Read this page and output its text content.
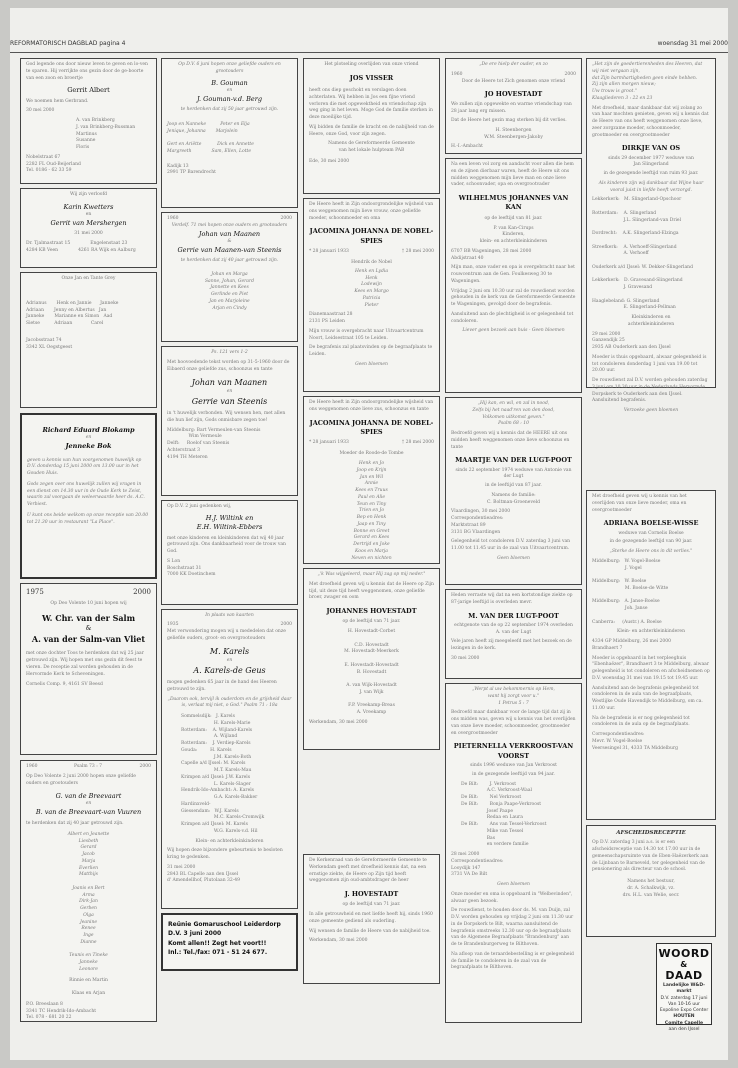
REFORMATORISCH DAGBLAD pagina 4	woensdag 31 mei 2000
God legende ons door nieuw leven te geven en lo-ven te sparen. Hij verrijkte ons gezin door de ge-boorte van een zoon en broertje
Gerrit Albert
We noemen hem Gerbrand.
30 mei 2000
A. van Brinkberg
J. van Brinkberg-Bussman
Martinus
Susanne
Floris
Nobelstraat 67
2282 FL Oud-Beijerland
Tel. 0186 - 62 33 59
Wij zijn verloofd
Karin Kwetters
en
Gerrit van Mershergen
31 mei 2000
Dr. Tjalmastraat 15              Engelenstaat 23
4284 KB Veen              4261 RA Wijk en Aalburg
Onze Jan en Tante Grey
Adrianus       Henk en Jannie      Janneke
Adriaan       Jenny en Albertus   Jan
Janneke       Marianne en Simon   Aad
Sietse          Adriaan             Carel
Jacobsstraat 74
3342 XL Oegstgeest
Richard Eduard Blokamp
en
Jenneke Bok
geven u kennis van hun voorgenomen huwelijk op D.V. donderdag 15 juni 2000 om 13.00 uur in het Gouden Huis.
Gods zegen over ons huwelijk zullen wij vragen in een dienst om 14.30 uur in de Oude Kerk te Zeist, waarin zal voorgaan de weleerwaarde heer ds. A.C. Verbiest.
U kunt ons beide welkom op onze receptie van 20.00 tot 21.30 uur in restaurant "La Place".
1975	2000
Op Deo Volente 10 juni hopen wij
W. Chr. van der Salm
&
A. van der Salm-van Vliet
met onze dochter Toos te herdenken dat wij 25 jaar getrouwd zijn. Wij hopen met ons gezin dit feest te vieren. De receptie zal worden gehouden in de Hervormde Kerk te Scheveningen.
Cornelis Comp. 9, 4161 SV Beesd
1960	Psalm 73 : 7	2000
Op Deo Volente 2 juni 2000 hopen onze geliefde ouders en grootouders
G. van de Breevaart
en
B. van de Breevaart-van Vuuren
te herdenken dat zij 40 jaar getrouwd zijn.
Albert en Jeanette
Liesbeth
Gerard
Jacob
Marja
Everlien
Matthijs

Joanis en Bert
Arma
Dirk-Jan
Gerben
Olga
Jeanine
Renee
Inge
Dianne

Teunis en Tineke
Janneke
Leonore
Rinnie en Martin

Klaas en Arjan
P.O. Breeslaan 8
3341 TC Hendrik-Ido-Ambacht
Tel. 078 - 681 20 22
Op D.V. 6 juni hopen onze geliefde ouders en grootouders
B. Gouman
en
J. Gouman-v.d. Berg
te herdenken dat zij 50 jaar getrouwd zijn.
Joop en Nanneke          Peter en Elja
Jenique, Johanna       Marjolein

Gert en Ariëtte           Dick en Annette
Margreeth              Sam, Ellen, Lotte
Kadijk 13
2991 TP Barendrecht
1960	2000
Verdelf. 71 mei hopen onze ouders en grootouders
Johan van Maanen
&
Gerrie van Maanen-van Steenis
te herdenken dat zij 40 jaar getrouwd zijn.

Johan en Marga
Sanne, Johan, Gerard
Jannette en Kees
Gerlinde en Piet
Jan en Marjoleine
Arjan en Cindy
Ps. 121 vers 1-2
Met hoovoedende tekst worden op 31-5-1960 door de Eibaerd onze geliefde zus, schoonzus en tante
Johan van Maanen
en
Gerrie van Steenis
in 't huwelijk verbonden. Wij wensen hen, met allen die hun lief zijn, Gods onmisbare zegen toe!
Middelburg: Bart Vermeulen-van Steenis
Wim Vermeule
Delft:     Roelof van Steenis
Achterstraat 3
4194 TH Meteren
Op D.V. 2 juni gedenken wij,
H.J. Wiltink en
E.H. Wiltink-Ebbers
met onze kinderen en kleinkinderen dat wij 40 jaar getrouwd zijn. Ons dankbaarheid voor de trouw van God.
S Lon
Boschstraat 31
7000 KK Doetinchem
In plaats van kaarten
1935	2000
Met verwondering mogen wij u mededelen dat onze geliefde ouders, groot- en overgrootouders
M. Karels
en
A. Karels-de Geus
mogen gedenken 65 jaar in de hand des Heeren getrouwd te zijn.
„Daarom ook, tervijl ik ouderdom en de grijsheid daar is, verlaat mij niet, o God." Psalm 71 : 18a
Sommelsdijk:   J. Karels
H. Karels-Marie
Rotterdam:    A. Wijland-Karels
A. Wijland
Rotterdam:    J. Verdiep-Karels
Gouda:         H. Karels
J.M. Karels-Both
Capelle a/d IJssel: M. Karels
M.T. Karels-Mau
Krimpen a/d IJssel: J.W. Karels
L. Karels-Slager
Hendrik-Ido-Ambacht: A. Karels
G.A. Karels-Bakker
Hardinxveld-
Giessendam:   W.J. Karels
M.C. Karels-Cromwijk
Krimpen a/d IJssel: M. Karels
W.G. Karels-v.d. Hil
Klein- en achterkleinkinderen
Wij hopen deze bijzondere gebeurtenis te besloten kring te gedenken.
31 mei 2000
2843 BL Capelle aan den IJssel
d' Amendellhof, Plutolaan 32-49
Reünie Gomaruschool Leiderdorp
D.V. 3 juni 2000
Komt allen!! Zegt het voort!!
Inl.: Tel./fax: 071 - 51 24 677.
Het plotseling overlijden van onze vriend
JOS VISSER
heeft ons diep geschokt en verslagen doen achterlaten. Wij hebben in Jos een fijne vriend verloren die met opgewektheid en vriendschap zijn weg ging in het leven. Moge God de familie sterken in deze moeilijke tijd.
Wij bidden de familie de kracht en de nabijheid van de Heere, onze God, voor zijn zegen.
Namens de Gereformeerde Gemeente
van het lokale hulpteam PAB
Ede, 30 mei 2000
De Heere heeft in Zijn ondoorgrondelijke wijsheid van ons weggenomen mijn lieve vrouw, onze geliefde moeder, schoonmoeder en oma
JACOMINA JOHANNA DE NOBEL-SPIES
* 28 januari 1933	† 28 mei 2000
Hendrik de Nobel
Henk en Lydia
Henk
Lodewijn
Kees en Margo
Patricia
Pieter
Dianemaastraat 28
2131 PS Leiden
Mijn vrouw is overgebracht naar Uitvaartcentrum Noort, Leidsestraat 105 te Leiden.
De begrafenis zal plaatsvinden op de begraafplaats te Leiden.
Geen bloemen
De Heere heeft in Zijn ondoorgrondelijke wijsheid van ons weggenomen onze lieve zus, schoonzus en tante
JACOMINA JOHANNA DE NOBEL-SPIES
* 28 januari 1933	† 28 mei 2000
Moeder de Roode-de Tombe
Henk en Jo
Joop en Krijn
Jan en Wil
Annie
Kees en Truus
Paul en Alie
Teun en Tiny
Trien en Jo
Bep en Henk
Jaap en Tiny
Bonne en Greet
Gerard en Kees
Dertrijd en Joke
Koos en Marja
Neven en nichten
„'k Was wijgeleerd, maar Hij zag op mij neder."
Met droefheid geven wij u kennis dat de Heere op Zijn tijd, uit deze tijd heeft weggenomen, onze geliefde broer, zwager en oom
JOHANNES HOVESTADT
op de leeftijd van 71 jaar.
H. Hovestadt-Corbet

C.D. Hovestadt
M. Hovestadt-Meerkerk

E. Hovestadt-Hovestadt
B. Hovestadt

A. van Wijk-Hovestadt
J. van Wijk

F.P. Vreekamp-Breas
A. Vreekamp
Werkendam, 30 mei 2000
De Kerkenraad van de Gereformeerde Gemeente te Werkendam geeft met droefheid kennis dat, na een ernstige ziekte, de Heere op Zijn tijd heeft weggenomen zijn oud-ambtsdrager de heer
J. HOVESTADT
op de leeftijd van 71 jaar.
In alle getrouwheid en met liefde heeft hij, sinds 1960 onze gemeente gediend als ouderling.
Wij wensen de familie de Heere van de nabijheid toe.
Werkendam, 30 mei 2000
„De ere hielp der ouder, en zo
1960	2000
Door de Heere tot Zich genomen onze vriend
JO HOVESTADT
We zullen zijn opgewekte en warme vriendschap van 28 jaar lang erg missen.
Dat de Heere het gezin mag sterken bij dit verlies.
H. Steenbergen
W.M. Steenbergen-Jakoby
H.-I.-Ambacht
Na een leven vol zorg en aandacht voor allen die hem en de zijnen dierbaar waren, heeft de Heere uit ons midden weggenomen mijn lieve man en onze lieve vader, schoonvader, opa en overgrootvader
WILHELMUS JOHANNES VAN KAN
op de leeftijd van 81 jaar.
P. van Kan-Cirups
Kinderen,
klein- en achterkleinkinderen
6707 BB Wageningen, 28 mei 2000
Abdijstraat 40
Mijn man, onze vader en opa is overgebracht naar het rouwcentrum aan de Gen. Foulkesweg 30 te Wageningen.
Vrijdag 2 juni om 10.30 uur zal de rouwdienst worden gehouden in de kerk van de Gereformeerde Gemeente te Wageningen, gevolgd door de begrafenis.
Aansluitend aan de plechtigheid is er gelegenheid tot condoleren.
Liever geen bezoek aan huis - Geen bloemen
„Hij kan, en wil, en zal in nood,
Zelfs bij het naad'ren van den dood,
Volkomen uitkomst geven."
Psalm 68 : 10
Bedroefd geven wij u kennis dat de HEERE uit ons midden heeft weggenomen onze lieve schoonzus en tante
MAARTJE VAN DER LUGT-POOT
sinds 22 september 1974 weduwe van Antonie van der Lugt
in de leeftijd van 87 jaar.
Namens de familie:
C. Boltman-Groeneveld
Vlaardingen, 30 mei 2000
Correspondentieadres:
Marktstraat 89
3131 BG Vlaardingen
Gelegenheid tot condoleren D.V. zaterdag 3 juni van 11.00 tot 11.45 uur in de zaal van Uitvaartcentrum.
Geen bloemen
Heden verraste wij dat na een kortstondige ziekte op 87-jarige leeftijd is overleden mevr.
M. VAN DER LUGT-POOT
echtgenote van de op 22 september 1974 overleden
A. van der Lugt
Vele jaren heeft zij meegeleefd met het bezoek en de lezingen in de kerk.
30 mei 2000
„Werpt al uw bekommernis op Hem,
want hij zorgt voor u."
1 Petrus 5 : 7
Bedroefd maar dankbaar voor de lange tijd dat zij in ons midden was, geven wij u kennis van het overlijden van onze lieve moeder, schoonmoeder, grootmoeder en overgrootmoeder
PIETERNELLA VERKROOST-VAN VOORST
sinds 1996 weduwe van Jan Verkroost
in de gezegende leeftijd van 94 jaar.
De Bilt:        J. Verkroost
A.C. Verkroost-Waal
De Bilt:        Nel Verkroost
De Bilt:        Bonja Paape-Verkroost
Josef Paape
Redaa en Laura
De Bilt:        Ans van Tessel-Verkroost
Mike van Tessel
Bas
en verdere familie
28 mei 2000
Correspondentieadres:
Looydijk 147
3731 VA De Bilt
Geen bloemen
Onze moeder en oma is opgebaard in "Welbevinden", alwaar geen bezoek.
De rouwdienst, te houden door ds. M. van Duijn, zal D.V. worden gehouden op vrijdag 2 juni om 11.30 uur in de Dorpskerk te Bilt, waarna aansluitend de begrafenis omstreeks 12.30 uur op de begraafplaats van de Algemene Begraafplaats "Brandenburg" aan de te Brandenburgerweg te Bilthoven.
Na afloop van de teraardebestelling is er gelegenheid de familie te condoleren in de zaal van de begraafplaats te Bilthoven.
„Het zijn de goedertierenheden des Heeren, dat wij niet vergaan zijn,
dat Zijn barmhartigheden geen einde hebben.
Zij zijn allen morgen nieuw;
Uw trouw is groot."
Klaagliederen 3 : 22 en 23
Met droefheid, maar dankbaar dat wij zolang zo van haar mochten genieten, geven wij u kennis dat de Heere van ons heeft weggenomen onze lieve, zeer zorgzame moeder, schoonmoeder, grootmoeder en overgrootmoeder
DIRKJE VAN OS
sinds 29 december 1977 weduwe van
Jan Slingerland
in de gezegende leeftijd van ruim 93 jaar.
Als kinderen zijn wij dankbaar dat Wijne haar vooral juist in liefde heeft verzorgd.
Lekkerkerk:   M. Slingerland-Opschoor

Rotterdam:    A. Slingerland
J.L. Slingerland-van Driel

Dordrecht:    A.K. Slingerland-Elzinga

Streefkerk:    A. Verhoeff-Slingerland
A. Verhoeff

Ouderkerk a/d IJssel: W. Dekker-Slingerland

Lekkerkerk:   D. Gravesand-Slingerland
J. Gravesand

Haaglebeland: G. Slingerland
E. Slingerland-Pellman
Kleinkinderen en
achterkleinkinderen
29 mei 2000
Ganzendijk 25
2935 AB Ouderkerk aan den IJssel
Moeder is thuis opgebaard, alwaar gelegenheid is tot condoleren donderdag 1 juni van 19.00 tot 20.00 uur.
De rouwdienst zal D.V. worden gehouden zaterdag 3 juni om 10.30 uur in de Nederlands Hervormde Dorpskerk te Ouderkerk aan den IJssel. Aansluitend begrafenis.
Verzoeke geen bloemen
Met droefheid geven wij u kennis van het overlijden van onze lieve moeder, oma en overgrootmoeder
ADRIANA BOELSE-WISSE
weduwe van Cornelis Boelse
in de gezegende leeftijd van 90 jaar.
„Sterke de Heere ons in dit verlies."
Middelburg:   W. Vogel-Boelse
J. Vogel

Middelburg:   W. Boelse
M. Boelse-de Witte

Middelburg:   A. Janse-Boelse
Joh. Janse

Canberra:     (Austr.) A. Boelse
Klein- en achterkleinkinderen
4334 GP Middelburg, 26 mei 2000
Brandhaert 7
Moeder is opgebaard in het verpleeghuis "Ebenhaëzer", Brandhaert 3 te Middelburg, alwaar gelegenheid is tot condoleren en afscheidnemen op D.V. woensdag 31 mei van 19.15 tot 19.45 uur.
Aansluitend aan de begrafenis gelegenheid tot condoleren in de aula van de begraafplaats, Westlijke Oude Havendijk te Middelburg, om ca. 11.00 uur.
Na de begrafenis is er nog gelegenheid tot condoleren in de aula op de begraafplaats.
Correspondentieadres:
Mevr. W. Vogel-Boelse
Veersesingel 31, 4333 TA Middelburg
AFSCHEIDSRECEPTIE
Op D.V. zaterdag 3 juni a.s. is er een afscheidsreceptie van 14.30 tot 17.00 uur in de gemeenschapsruimte van de Eben-Haëzerkerk aan de Lijnbaan te Barneveld, ter gelegenheid van de pensionering als directeur van de school.
Namens het bestuur,
dr. A. Schalkwijk, vz.
drs. H.L. van Welie, secr.
WOORD
&
DAAD
Landelijke W&D-markt
D.V. zaterdag 17 juni
Van 10-16 uur
Expoline Expo Center
HOUTEN
Comite Capelle
aan den IJssel
